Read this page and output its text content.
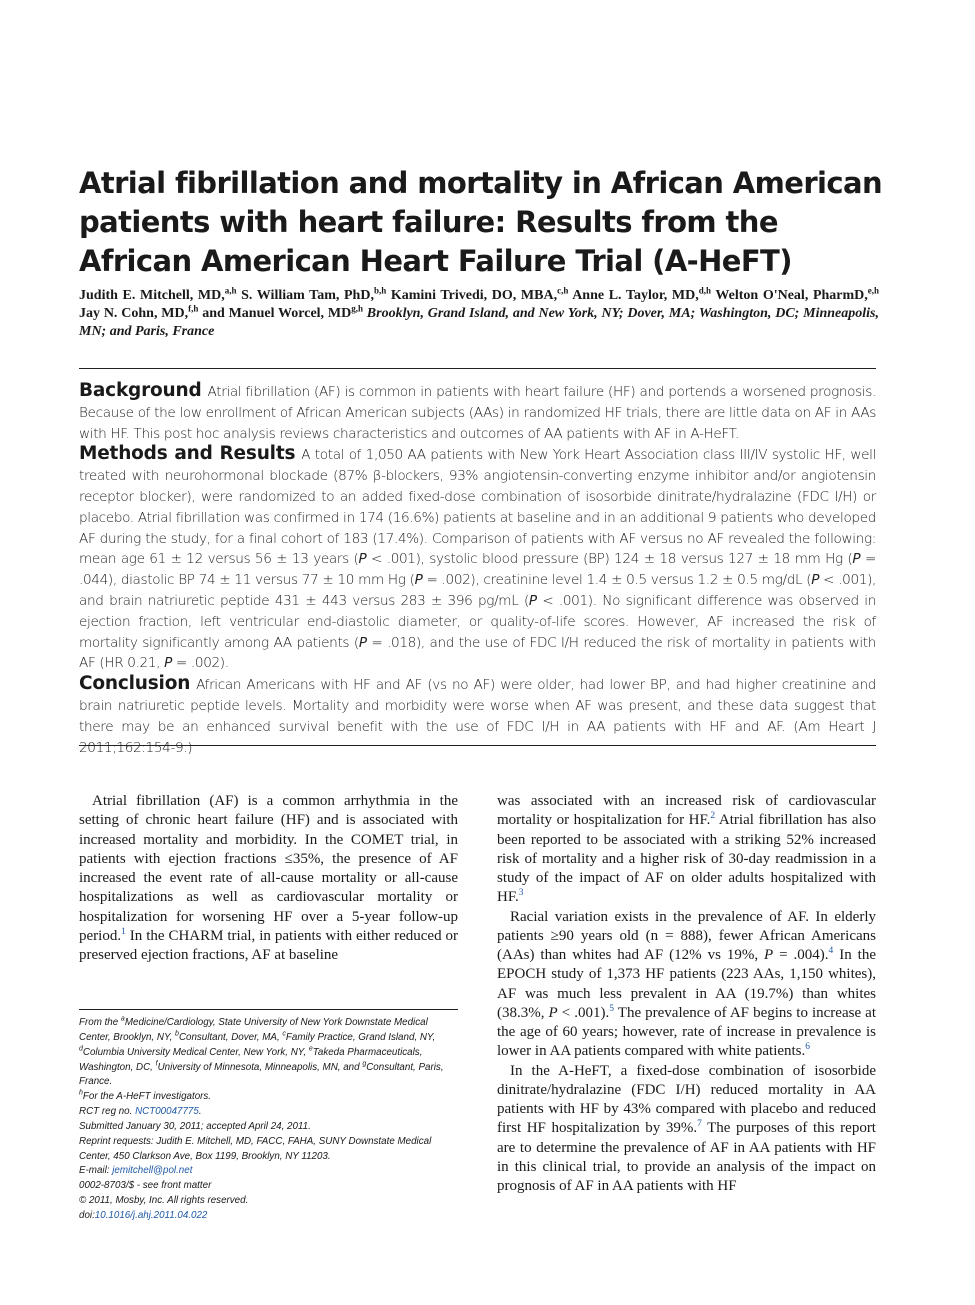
Atrial fibrillation and mortality in African American patients with heart failure: Results from the African American Heart Failure Trial (A-HeFT)

Judith E. Mitchell, MD,$^{a,h}$ S. William Tam, PhD,$^{b,h}$ Kamini Trivedi, DO, MBA,$^{c,h}$ Anne L. Taylor, MD,$^{d,h}$ Welton O'Neal, PharmD,$^{e,h}$ Jay N. Cohn, MD,$^{f,h}$ and Manuel Worcel, MD$^{g,h}$ Brooklyn, Grand Island, and New York, NY; Dover, MA; Washington, DC; Minneapolis, MN; and Paris, France

Background Atrial fibrillation (AF) is common in patients with heart failure (HF) and portends a worsened prognosis. Because of the low enrollment of African American subjects (AAs) in randomized HF trials, there are little data on AF in AAs with HF. This post hoc analysis reviews characteristics and outcomes of AA patients with AF in A-HeFT.

Methods and Results A total of 1,050 AA patients with New York Heart Association class III/IV systolic HF, well treated with neurohormonal blockade (87% β-blockers, 93% angiotensin-converting enzyme inhibitor and/or angiotensin receptor blocker), were randomized to an added fixed-dose combination of isosorbide dinitrate/hydralazine (FDC I/H) or placebo. Atrial fibrillation was confirmed in 174 (16.6%) patients at baseline and in an additional 9 patients who developed AF during the study, for a final cohort of 183 (17.4%). Comparison of patients with AF versus no AF revealed the following: mean age 61 ± 12 versus 56 ± 13 years (P < .001), systolic blood pressure (BP) 124 ± 18 versus 127 ± 18 mm Hg (P = .044), diastolic BP 74 ± 11 versus 77 ± 10 mm Hg (P = .002), creatinine level 1.4 ± 0.5 versus 1.2 ± 0.5 mg/dL (P < .001), and brain natriuretic peptide 431 ± 443 versus 283 ± 396 pg/mL (P < .001). No significant difference was observed in ejection fraction, left ventricular end-diastolic diameter, or quality-of-life scores. However, AF increased the risk of mortality significantly among AA patients (P = .018), and the use of FDC I/H reduced the risk of mortality in patients with AF (HR 0.21, P = .002).

Conclusion African Americans with HF and AF (vs no AF) were older, had lower BP, and had higher creatinine and brain natriuretic peptide levels. Mortality and morbidity were worse when AF was present, and these data suggest that there may be an enhanced survival benefit with the use of FDC I/H in AA patients with HF and AF. (Am Heart J 2011;162:154-9.)

Atrial fibrillation (AF) is a common arrhythmia in the setting of chronic heart failure (HF) and is associated with increased mortality and morbidity. In the COMET trial, in patients with ejection fractions ≤35%, the presence of AF increased the event rate of all-cause mortality or all-cause hospitalizations as well as cardiovascular mortality or hospitalization for worsening HF over a 5-year follow-up period.$^1$ In the CHARM trial, in patients with either reduced or preserved ejection fractions, AF at baseline

From the $^a$Medicine/Cardiology, State University of New York Downstate Medical Center, Brooklyn, NY, $^b$Consultant, Dover, MA, $^c$Family Practice, Grand Island, NY, $^d$Columbia University Medical Center, New York, NY, $^e$Takeda Pharmaceuticals, Washington, DC, $^f$University of Minnesota, Minneapolis, MN, and $^g$Consultant, Paris, France.

$^h$For the A-HeFT investigators.

RCT reg no. NCT00047775.

Submitted January 30, 2011; accepted April 24, 2011.

Reprint requests: Judith E. Mitchell, MD, FACC, FAHA, SUNY Downstate Medical Center, 450 Clarkson Ave, Box 1199, Brooklyn, NY 11203.

E-mail: jemitchell@pol.net

0002-8703/$ - see front matter

© 2011, Mosby, Inc. All rights reserved.

doi:10.1016/j.ahj.2011.04.022

was associated with an increased risk of cardiovascular mortality or hospitalization for HF.$^2$ Atrial fibrillation has also been reported to be associated with a striking 52% increased risk of mortality and a higher risk of 30-day readmission in a study of the impact of AF on older adults hospitalized with HF.$^3$

Racial variation exists in the prevalence of AF. In elderly patients ≥90 years old (n = 888), fewer African Americans (AAs) than whites had AF (12% vs 19%, P = .004).$^4$ In the EPOCH study of 1,373 HF patients (223 AAs, 1,150 whites), AF was much less prevalent in AA (19.7%) than whites (38.3%, P < .001).$^5$ The prevalence of AF begins to increase at the age of 60 years; however, rate of increase in prevalence is lower in AA patients compared with white patients.$^6$

In the A-HeFT, a fixed-dose combination of isosorbide dinitrate/hydralazine (FDC I/H) reduced mortality in AA patients with HF by 43% compared with placebo and reduced first HF hospitalization by 39%.$^7$ The purposes of this report are to determine the prevalence of AF in AA patients with HF in this clinical trial, to provide an analysis of the impact on prognosis of AF in AA patients with HF
